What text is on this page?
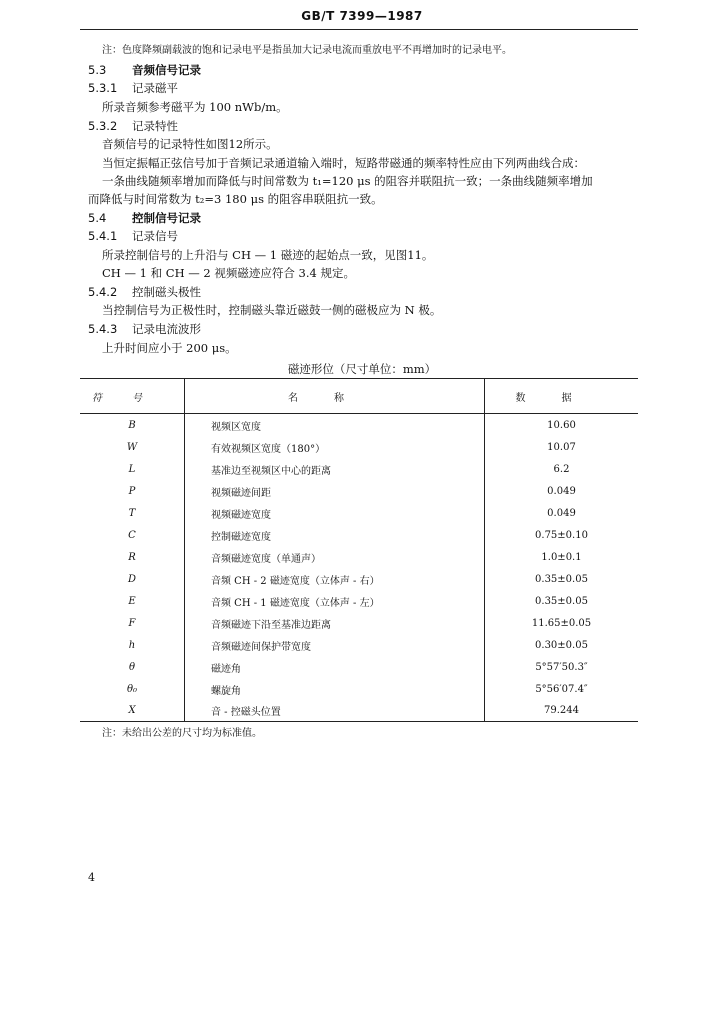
GB/T 7399—1987
注：色度降频副载波的饱和记录电平是指虽加大记录电流而重放电平不再增加时的记录电平。
5.3 音频信号记录
5.3.1 记录磁平
所录音频参考磁平为 100 nWb/m。
5.3.2 记录特性
音频信号的记录特性如图12所示。
当恒定振幅正弦信号加于音频记录通道输入端时，短路带磁通的频率特性应由下列两曲线合成：
一条曲线随频率增加而降低与时间常数为 t₁=120 μs 的阻容并联阻抗一致；一条曲线随频率增加
而降低与时间常数为 t₂=3 180 μs 的阻容串联阻抗一致。
5.4 控制信号记录
5.4.1 记录信号
所录控制信号的上升沿与 CH — 1 磁迹的起始点一致，见图11。
CH — 1 和 CH — 2 视频磁迹应符合 3.4 规定。
5.4.2 控制磁头极性
当控制信号为正极性时，控制磁头靠近磁鼓一侧的磁极应为 N 极。
5.4.3 记录电流波形
上升时间应小于 200 μs。
磁迹形位（尺寸单位：mm）
符号	名称	数据
B	视频区宽度	10.60
W	有效视频区宽度（180°）	10.07
L	基准边至视频区中心的距离	6.2
P	视频磁迹间距	0.049
T	视频磁迹宽度	0.049
C	控制磁迹宽度	0.75±0.10
R	音频磁迹宽度（单通声）	1.0±0.1
D	音频 CH - 2 磁迹宽度（立体声 - 右）	0.35±0.05
E	音频 CH - 1 磁迹宽度（立体声 - 左）	0.35±0.05
F	音频磁迹下沿至基准边距离	11.65±0.05
h	音频磁迹间保护带宽度	0.30±0.05
θ	磁迹角	5°57′50.3″
θ₀	螺旋角	5°56′07.4″
X	音 - 控磁头位置	79.244
注：未给出公差的尺寸均为标准值。
4
